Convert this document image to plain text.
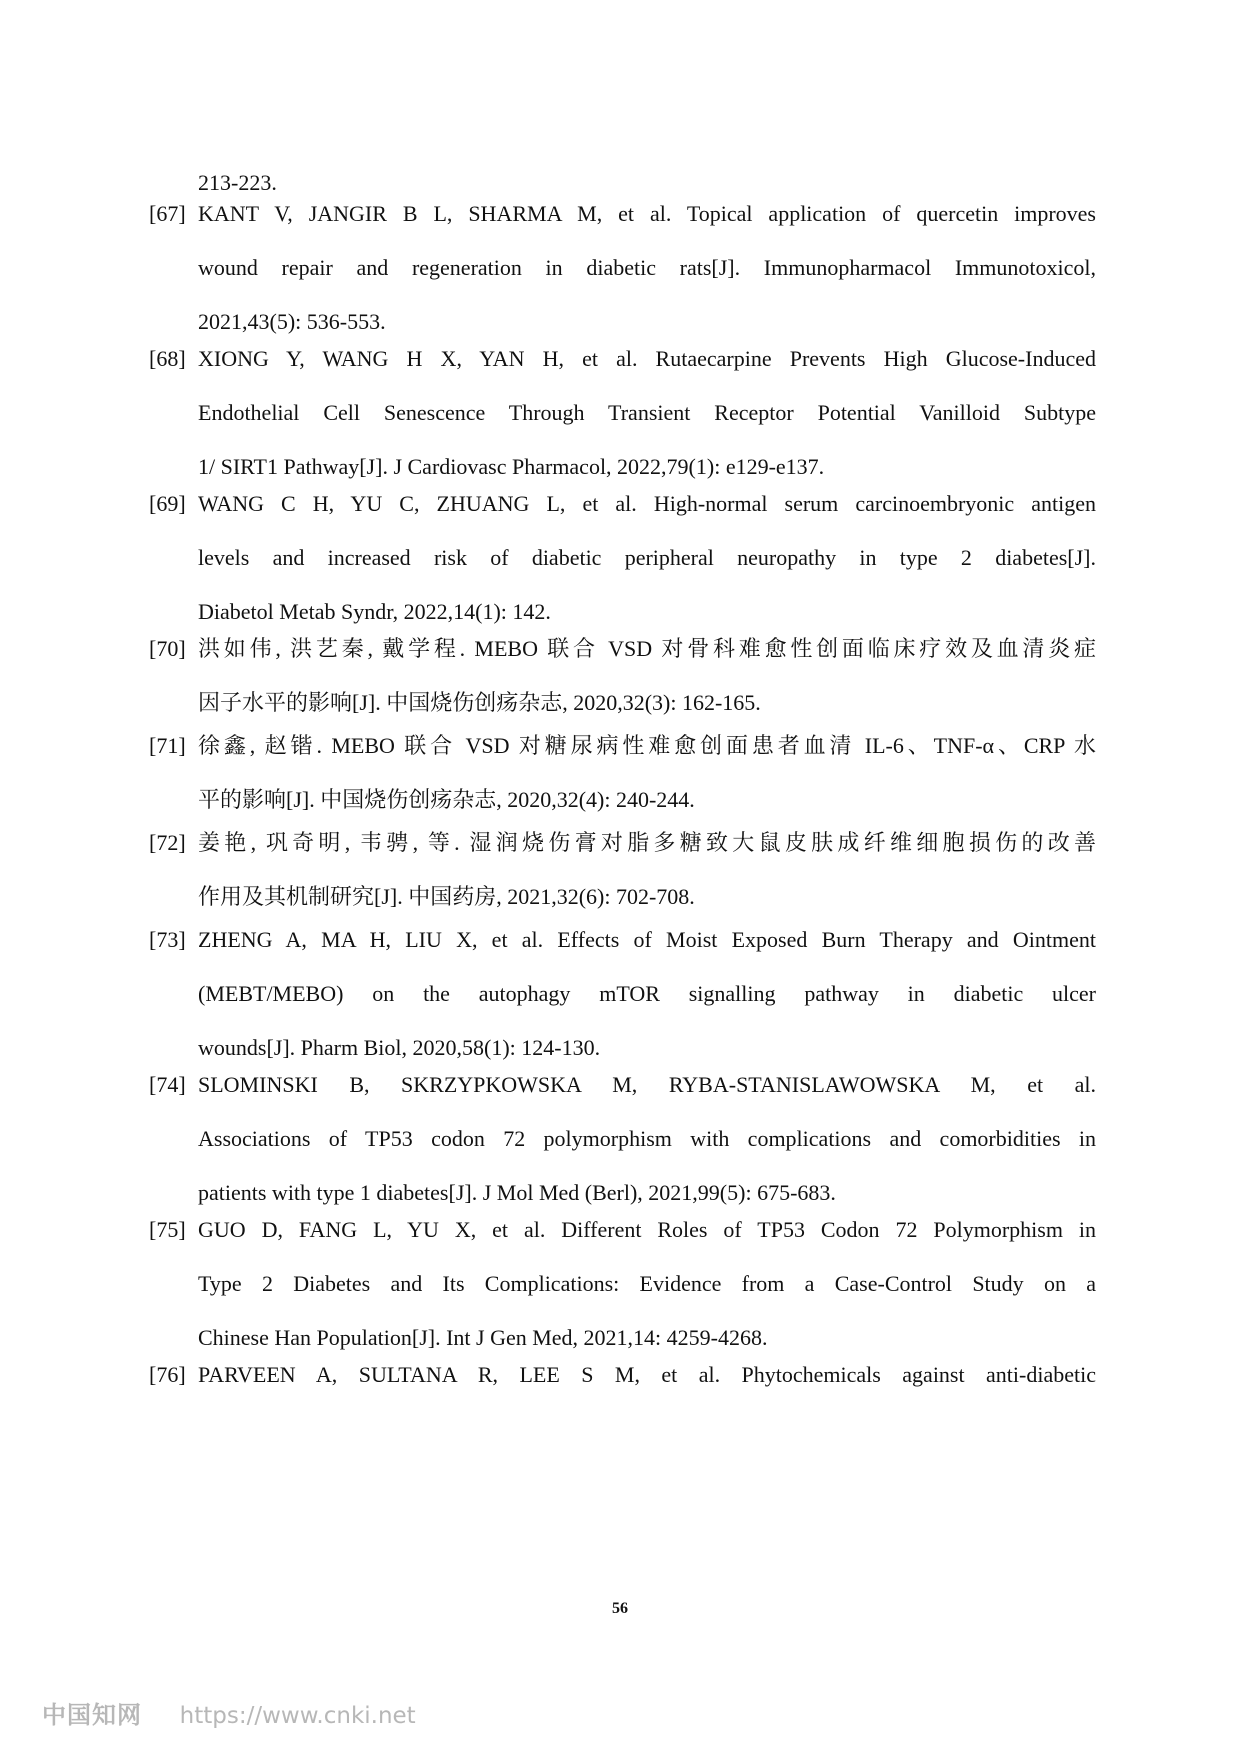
213-223.
[67] KANT V, JANGIR B L, SHARMA M, et al. Topical application of quercetin improves
wound repair and regeneration in diabetic rats[J]. Immunopharmacol Immunotoxicol,
2021,43(5): 536-553.
[68] XIONG Y, WANG H X, YAN H, et al. Rutaecarpine Prevents High Glucose-Induced
Endothelial Cell Senescence Through Transient Receptor Potential Vanilloid Subtype
1/ SIRT1 Pathway[J]. J Cardiovasc Pharmacol, 2022,79(1): e129-e137.
[69] WANG C H, YU C, ZHUANG L, et al. High-normal serum carcinoembryonic antigen
levels and increased risk of diabetic peripheral neuropathy in type 2 diabetes[J].
Diabetol Metab Syndr, 2022,14(1): 142.
[70] 洪如伟, 洪艺秦, 戴学程. MEBO 联合 VSD 对骨科难愈性创面临床疗效及血清炎症
因子水平的影响[J]. 中国烧伤创疡杂志, 2020,32(3): 162-165.
[71] 徐鑫, 赵锴. MEBO 联合 VSD 对糖尿病性难愈创面患者血清 IL-6、TNF-α、CRP 水
平的影响[J]. 中国烧伤创疡杂志, 2020,32(4): 240-244.
[72] 姜艳, 巩奇明, 韦骋, 等. 湿润烧伤膏对脂多糖致大鼠皮肤成纤维细胞损伤的改善
作用及其机制研究[J]. 中国药房, 2021,32(6): 702-708.
[73] ZHENG A, MA H, LIU X, et al. Effects of Moist Exposed Burn Therapy and Ointment
(MEBT/MEBO) on the autophagy mTOR signalling pathway in diabetic ulcer
wounds[J]. Pharm Biol, 2020,58(1): 124-130.
[74] SLOMINSKI B, SKRZYPKOWSKA M, RYBA-STANISLAWOWSKA M, et al.
Associations of TP53 codon 72 polymorphism with complications and comorbidities in
patients with type 1 diabetes[J]. J Mol Med (Berl), 2021,99(5): 675-683.
[75] GUO D, FANG L, YU X, et al. Different Roles of TP53 Codon 72 Polymorphism in
Type 2 Diabetes and Its Complications: Evidence from a Case-Control Study on a
Chinese Han Population[J]. Int J Gen Med, 2021,14: 4259-4268.
[76] PARVEEN A, SULTANA R, LEE S M, et al. Phytochemicals against anti-diabetic
56
中国知网 https://www.cnki.net
